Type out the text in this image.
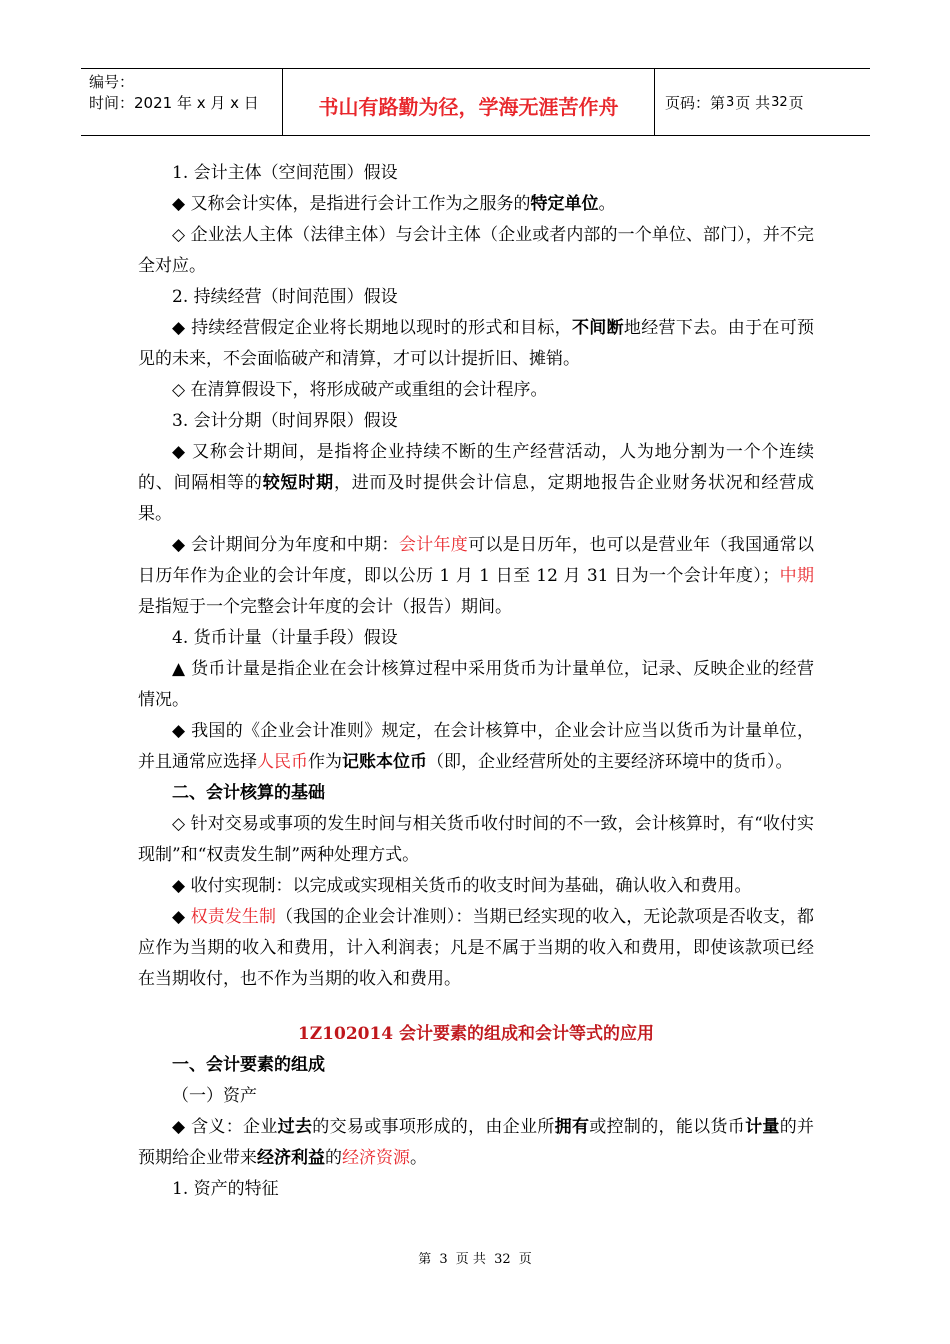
编号：
时间：2021 年 x 月 x 日	书山有路勤为径，学海无涯苦作舟	页码：第 3 页 共 32 页

1. 会计主体（空间范围）假设

◆ 又称会计实体，是指进行会计工作为之服务的特定单位。

◇ 企业法人主体（法律主体）与会计主体（企业或者内部的一个单位、部门），并不完全对应。

2. 持续经营（时间范围）假设

◆ 持续经营假定企业将长期地以现时的形式和目标，不间断地经营下去。由于在可预见的未来，不会面临破产和清算，才可以计提折旧、摊销。

◇ 在清算假设下，将形成破产或重组的会计程序。

3. 会计分期（时间界限）假设

◆ 又称会计期间，是指将企业持续不断的生产经营活动，人为地分割为一个个连续的、间隔相等的较短时期，进而及时提供会计信息，定期地报告企业财务状况和经营成果。

◆ 会计期间分为年度和中期：会计年度可以是日历年，也可以是营业年（我国通常以日历年作为企业的会计年度，即以公历 1 月 1 日至 12 月 31 日为一个会计年度）；中期是指短于一个完整会计年度的会计（报告）期间。

4. 货币计量（计量手段）假设

▲ 货币计量是指企业在会计核算过程中采用货币为计量单位，记录、反映企业的经营情况。

◆ 我国的《企业会计准则》规定，在会计核算中，企业会计应当以货币为计量单位，并且通常应选择人民币作为记账本位币（即，企业经营所处的主要经济环境中的货币）。

二、会计核算的基础

◇ 针对交易或事项的发生时间与相关货币收付时间的不一致，会计核算时，有“收付实现制”和“权责发生制”两种处理方式。

◆ 收付实现制：以完成或实现相关货币的收支时间为基础，确认收入和费用。

◆ 权责发生制（我国的企业会计准则）：当期已经实现的收入，无论款项是否收支，都应作为当期的收入和费用，计入利润表；凡是不属于当期的收入和费用，即使该款项已经在当期收付，也不作为当期的收入和费用。

1Z102014 会计要素的组成和会计等式的应用

一、会计要素的组成

（一）资产

◆ 含义：企业过去的交易或事项形成的，由企业所拥有或控制的，能以货币计量的并预期给企业带来经济利益的经济资源。

1. 资产的特征

第 3 页 共 32 页
